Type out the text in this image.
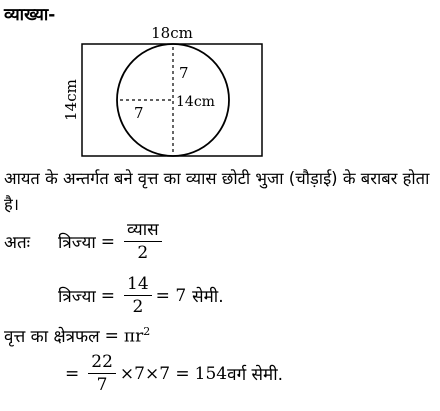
व्याख्या-
18cm
14cm
7
7
14cm
आयत के अन्तर्गत बने वृत्त का व्यास छोटी भुजा (चौड़ाई) के बराबर होता है।
अतः	त्रिज्या = $\frac{\text{व्यास}}{2}$
त्रिज्या = $\frac{14}{2} = 7$ सेमी.
वृत्त का क्षेत्रफल = $\pi r^2$
= $\frac{22}{7} \times 7\times 7 = 154$ वर्ग सेमी.
